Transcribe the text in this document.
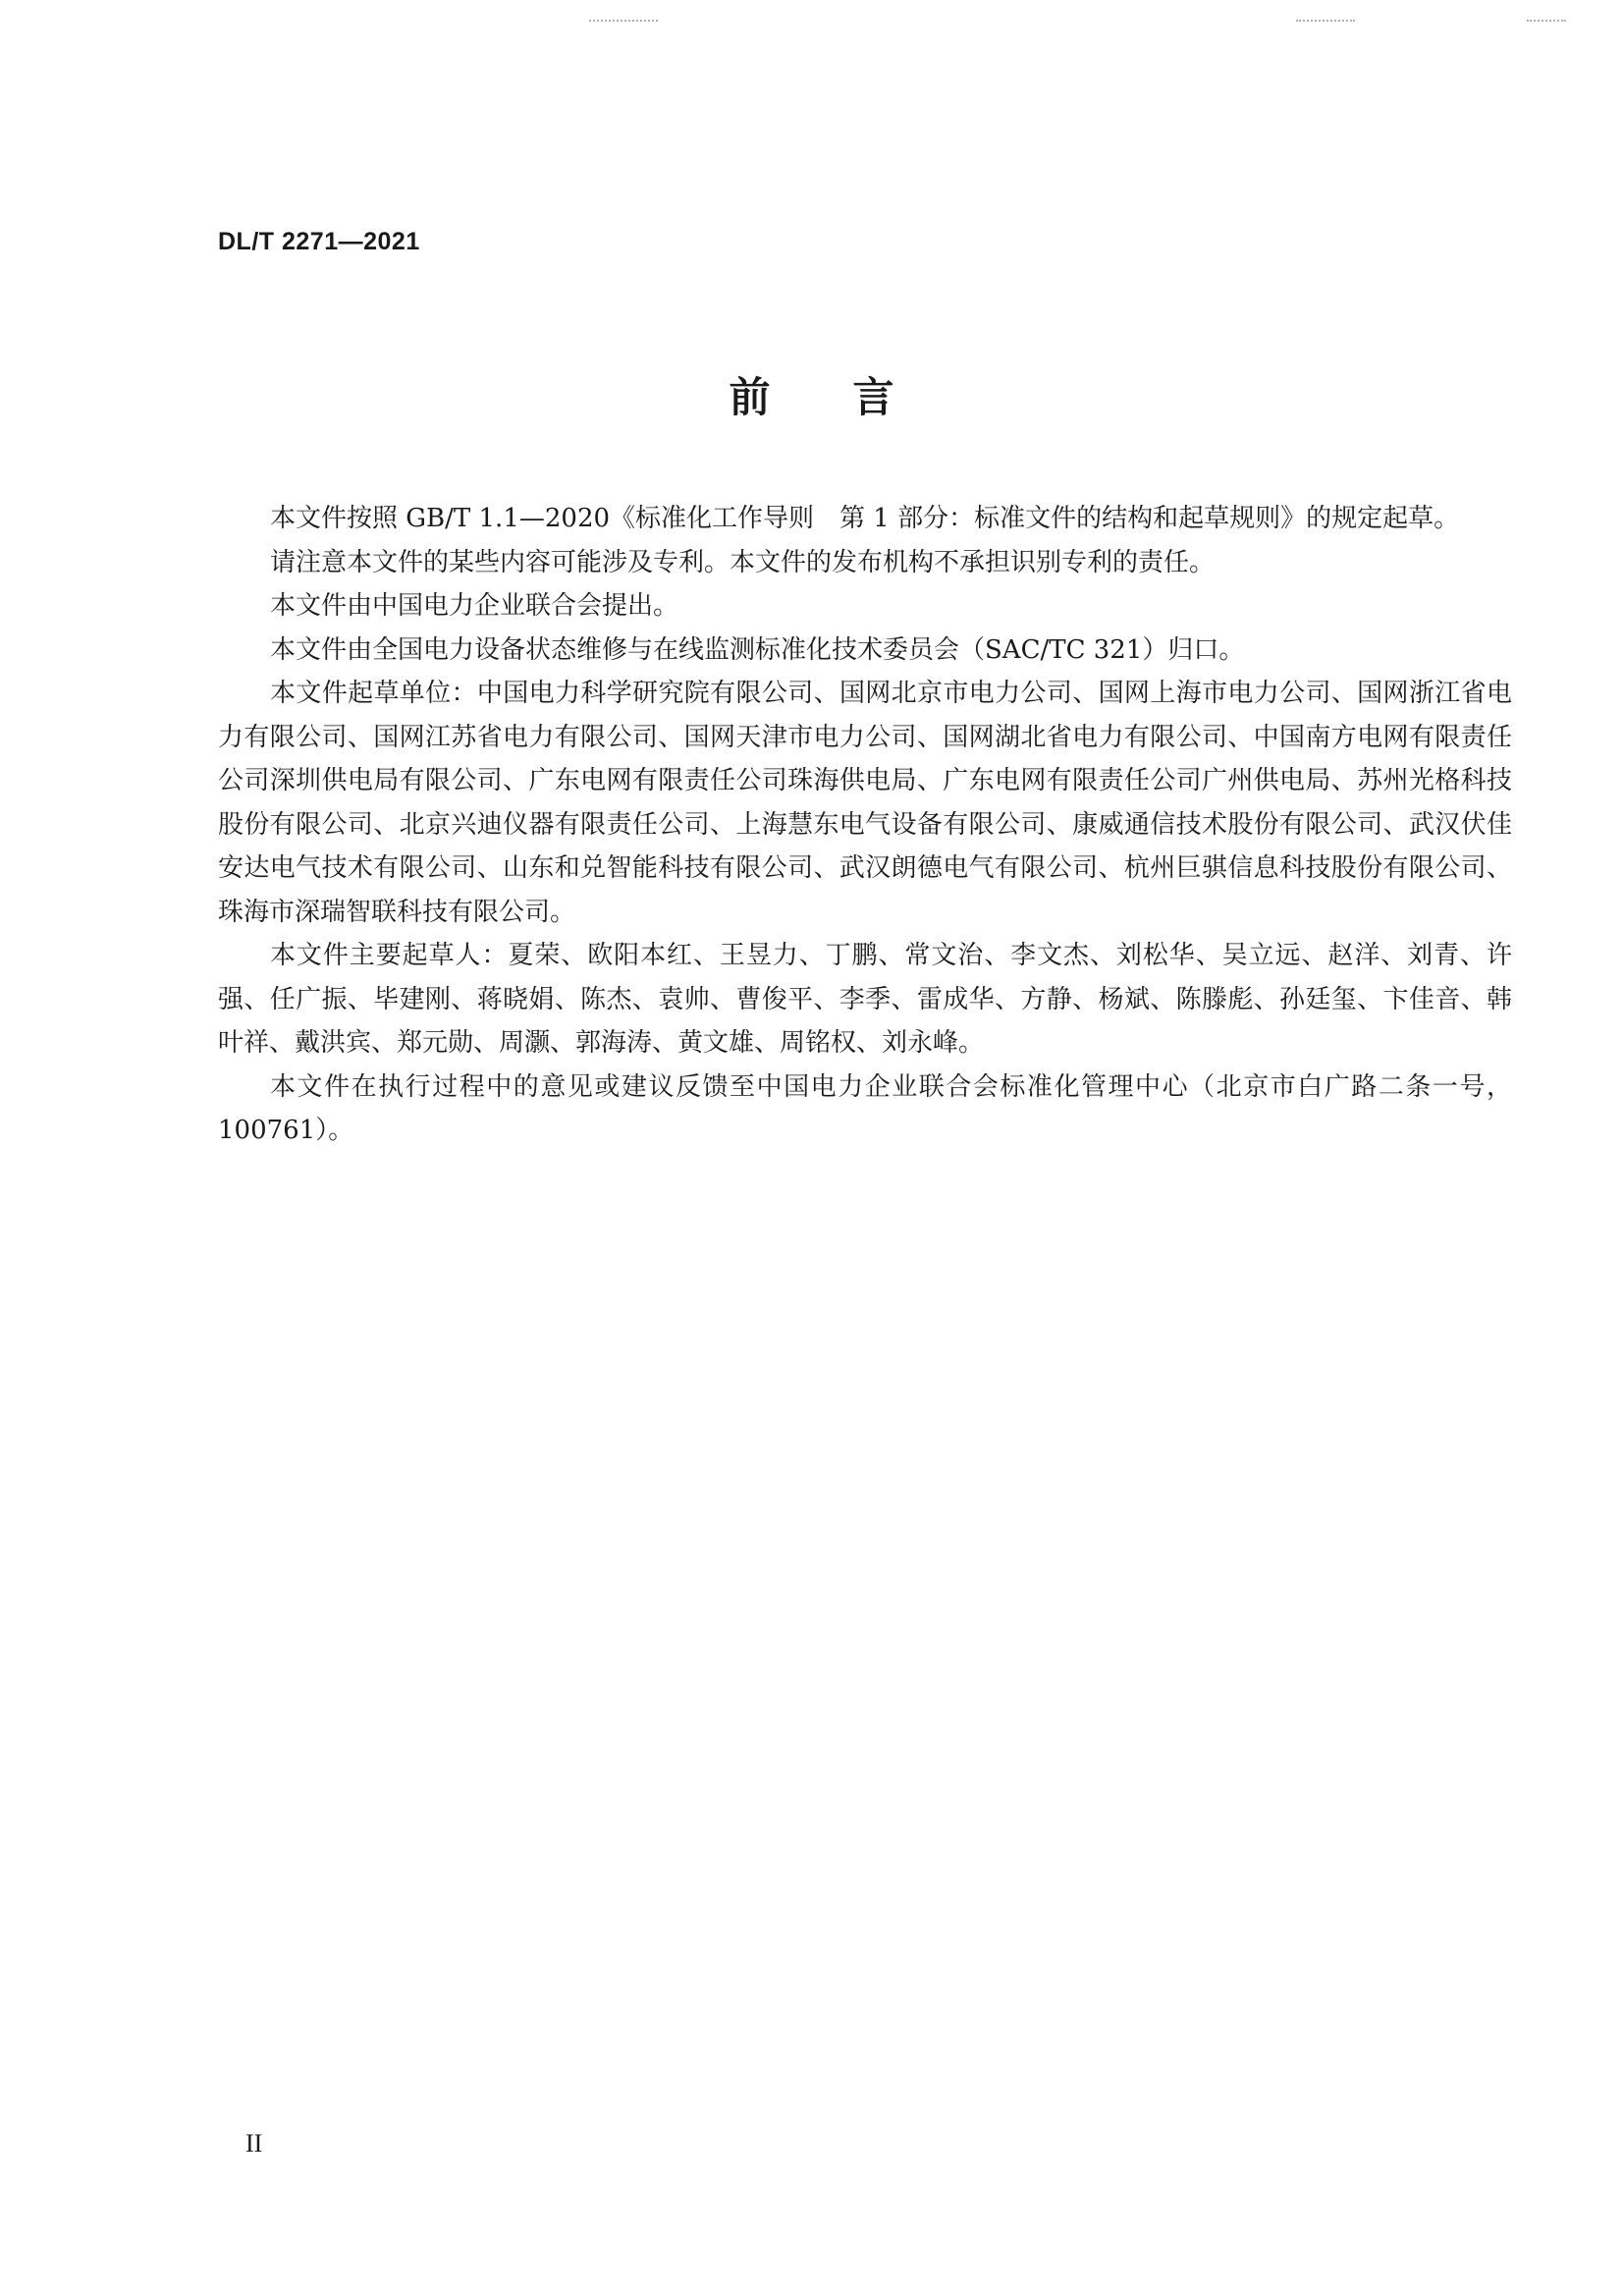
DL/T 2271—2021
前言

本文件按照 GB/T 1.1—2020《标准化工作导则　第 1 部分：标准文件的结构和起草规则》的规定起草。

请注意本文件的某些内容可能涉及专利。本文件的发布机构不承担识别专利的责任。

本文件由中国电力企业联合会提出。

本文件由全国电力设备状态维修与在线监测标准化技术委员会（SAC/TC 321）归口。

本文件起草单位：中国电力科学研究院有限公司、国网北京市电力公司、国网上海市电力公司、国网浙江省电力有限公司、国网江苏省电力有限公司、国网天津市电力公司、国网湖北省电力有限公司、中国南方电网有限责任公司深圳供电局有限公司、广东电网有限责任公司珠海供电局、广东电网有限责任公司广州供电局、苏州光格科技股份有限公司、北京兴迪仪器有限责任公司、上海慧东电气设备有限公司、康威通信技术股份有限公司、武汉伏佳安达电气技术有限公司、山东和兑智能科技有限公司、武汉朗德电气有限公司、杭州巨骐信息科技股份有限公司、珠海市深瑞智联科技有限公司。

本文件主要起草人：夏荣、欧阳本红、王昱力、丁鹏、常文治、李文杰、刘松华、吴立远、赵洋、刘青、许强、任广振、毕建刚、蒋晓娟、陈杰、袁帅、曹俊平、李季、雷成华、方静、杨斌、陈滕彪、孙廷玺、卞佳音、韩叶祥、戴洪宾、郑元勋、周灏、郭海涛、黄文雄、周铭权、刘永峰。

本文件在执行过程中的意见或建议反馈至中国电力企业联合会标准化管理中心（北京市白广路二条一号，100761）。

II
